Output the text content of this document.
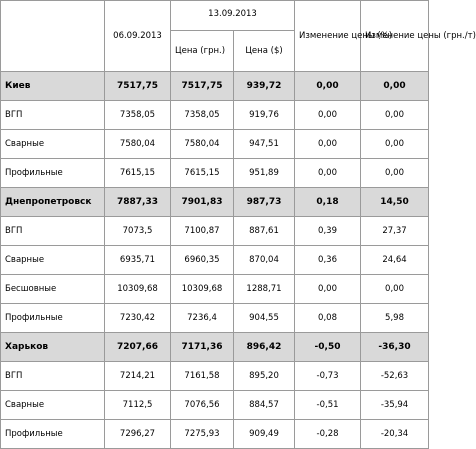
	06.09.2013	13.09.2013		Изменение цены (%)	Изменение цены (грн./т)
		Цена (грн.)	Цена ($)		
Киев	7517,75	7517,75	939,72	0,00	0,00
ВГП	7358,05	7358,05	919,76	0,00	0,00
Сварные	7580,04	7580,04	947,51	0,00	0,00
Профильные	7615,15	7615,15	951,89	0,00	0,00
Днепропетровск	7887,33	7901,83	987,73	0,18	14,50
ВГП	7073,5	7100,87	887,61	0,39	27,37
Сварные	6935,71	6960,35	870,04	0,36	24,64
Бесшовные	10309,68	10309,68	1288,71	0,00	0,00
Профильные	7230,42	7236,4	904,55	0,08	5,98
Харьков	7207,66	7171,36	896,42	-0,50	-36,30
ВГП	7214,21	7161,58	895,20	-0,73	-52,63
Сварные	7112,5	7076,56	884,57	-0,51	-35,94
Профильные	7296,27	7275,93	909,49	-0,28	-20,34
